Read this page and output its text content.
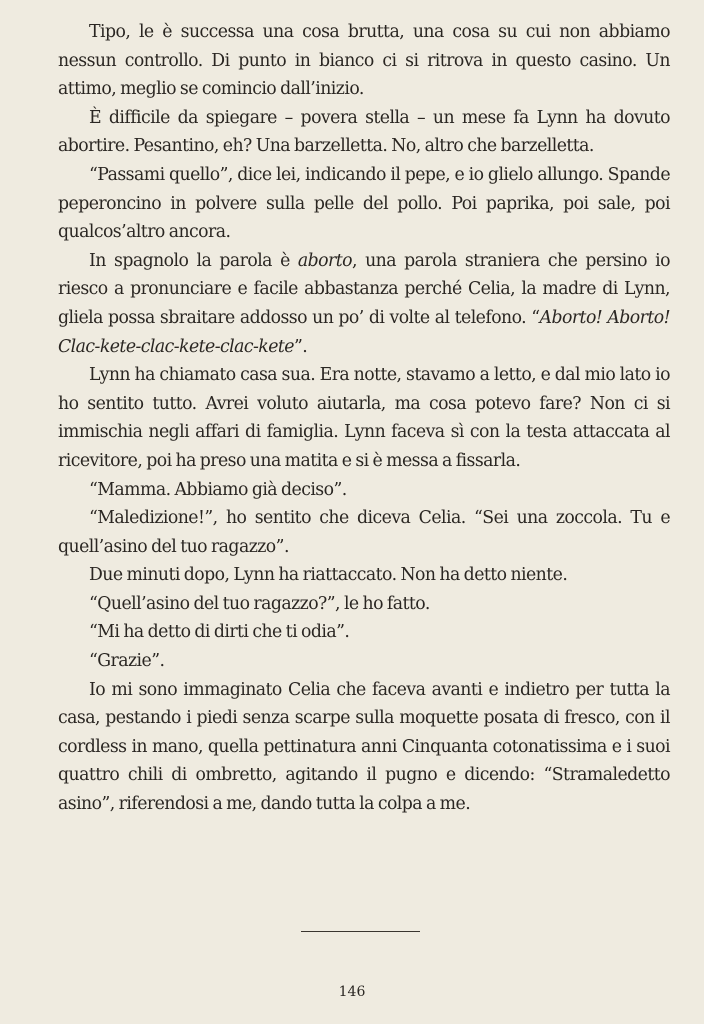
Tipo, le è successa una cosa brutta, una cosa su cui non abbiamo nessun controllo. Di punto in bianco ci si ritrova in questo casino. Un attimo, meglio se comincio dall’inizio.

È difficile da spiegare – povera stella – un mese fa Lynn ha dovuto abortire. Pesantino, eh? Una barzelletta. No, altro che barzelletta.

“Passami quello”, dice lei, indicando il pepe, e io glielo allungo. Spande peperoncino in polvere sulla pelle del pollo. Poi paprika, poi sale, poi qualcos’altro ancora.

In spagnolo la parola è aborto, una parola straniera che persino io riesco a pronunciare e facile abbastanza perché Celia, la madre di Lynn, gliela possa sbraitare addosso un po’ di volte al telefono. “Aborto! Aborto! Clac-kete-clac-kete-clac-kete”.

Lynn ha chiamato casa sua. Era notte, stavamo a letto, e dal mio lato io ho sentito tutto. Avrei voluto aiutarla, ma cosa potevo fare? Non ci si immischia negli affari di famiglia. Lynn faceva sì con la testa attaccata al ricevitore, poi ha preso una matita e si è messa a fissarla.

“Mamma. Abbiamo già deciso”.

“Maledizione!”, ho sentito che diceva Celia. “Sei una zoccola. Tu e quell’asino del tuo ragazzo”.

Due minuti dopo, Lynn ha riattaccato. Non ha detto niente.

“Quell’asino del tuo ragazzo?”, le ho fatto.

“Mi ha detto di dirti che ti odia”.

“Grazie”.

Io mi sono immaginato Celia che faceva avanti e indietro per tutta la casa, pestando i piedi senza scarpe sulla moquette posata di fresco, con il cordless in mano, quella pettinatura anni Cinquanta cotonatissima e i suoi quattro chili di ombretto, agitando il pugno e dicendo: “Stramaledetto asino”, riferendosi a me, dando tutta la colpa a me.

146
